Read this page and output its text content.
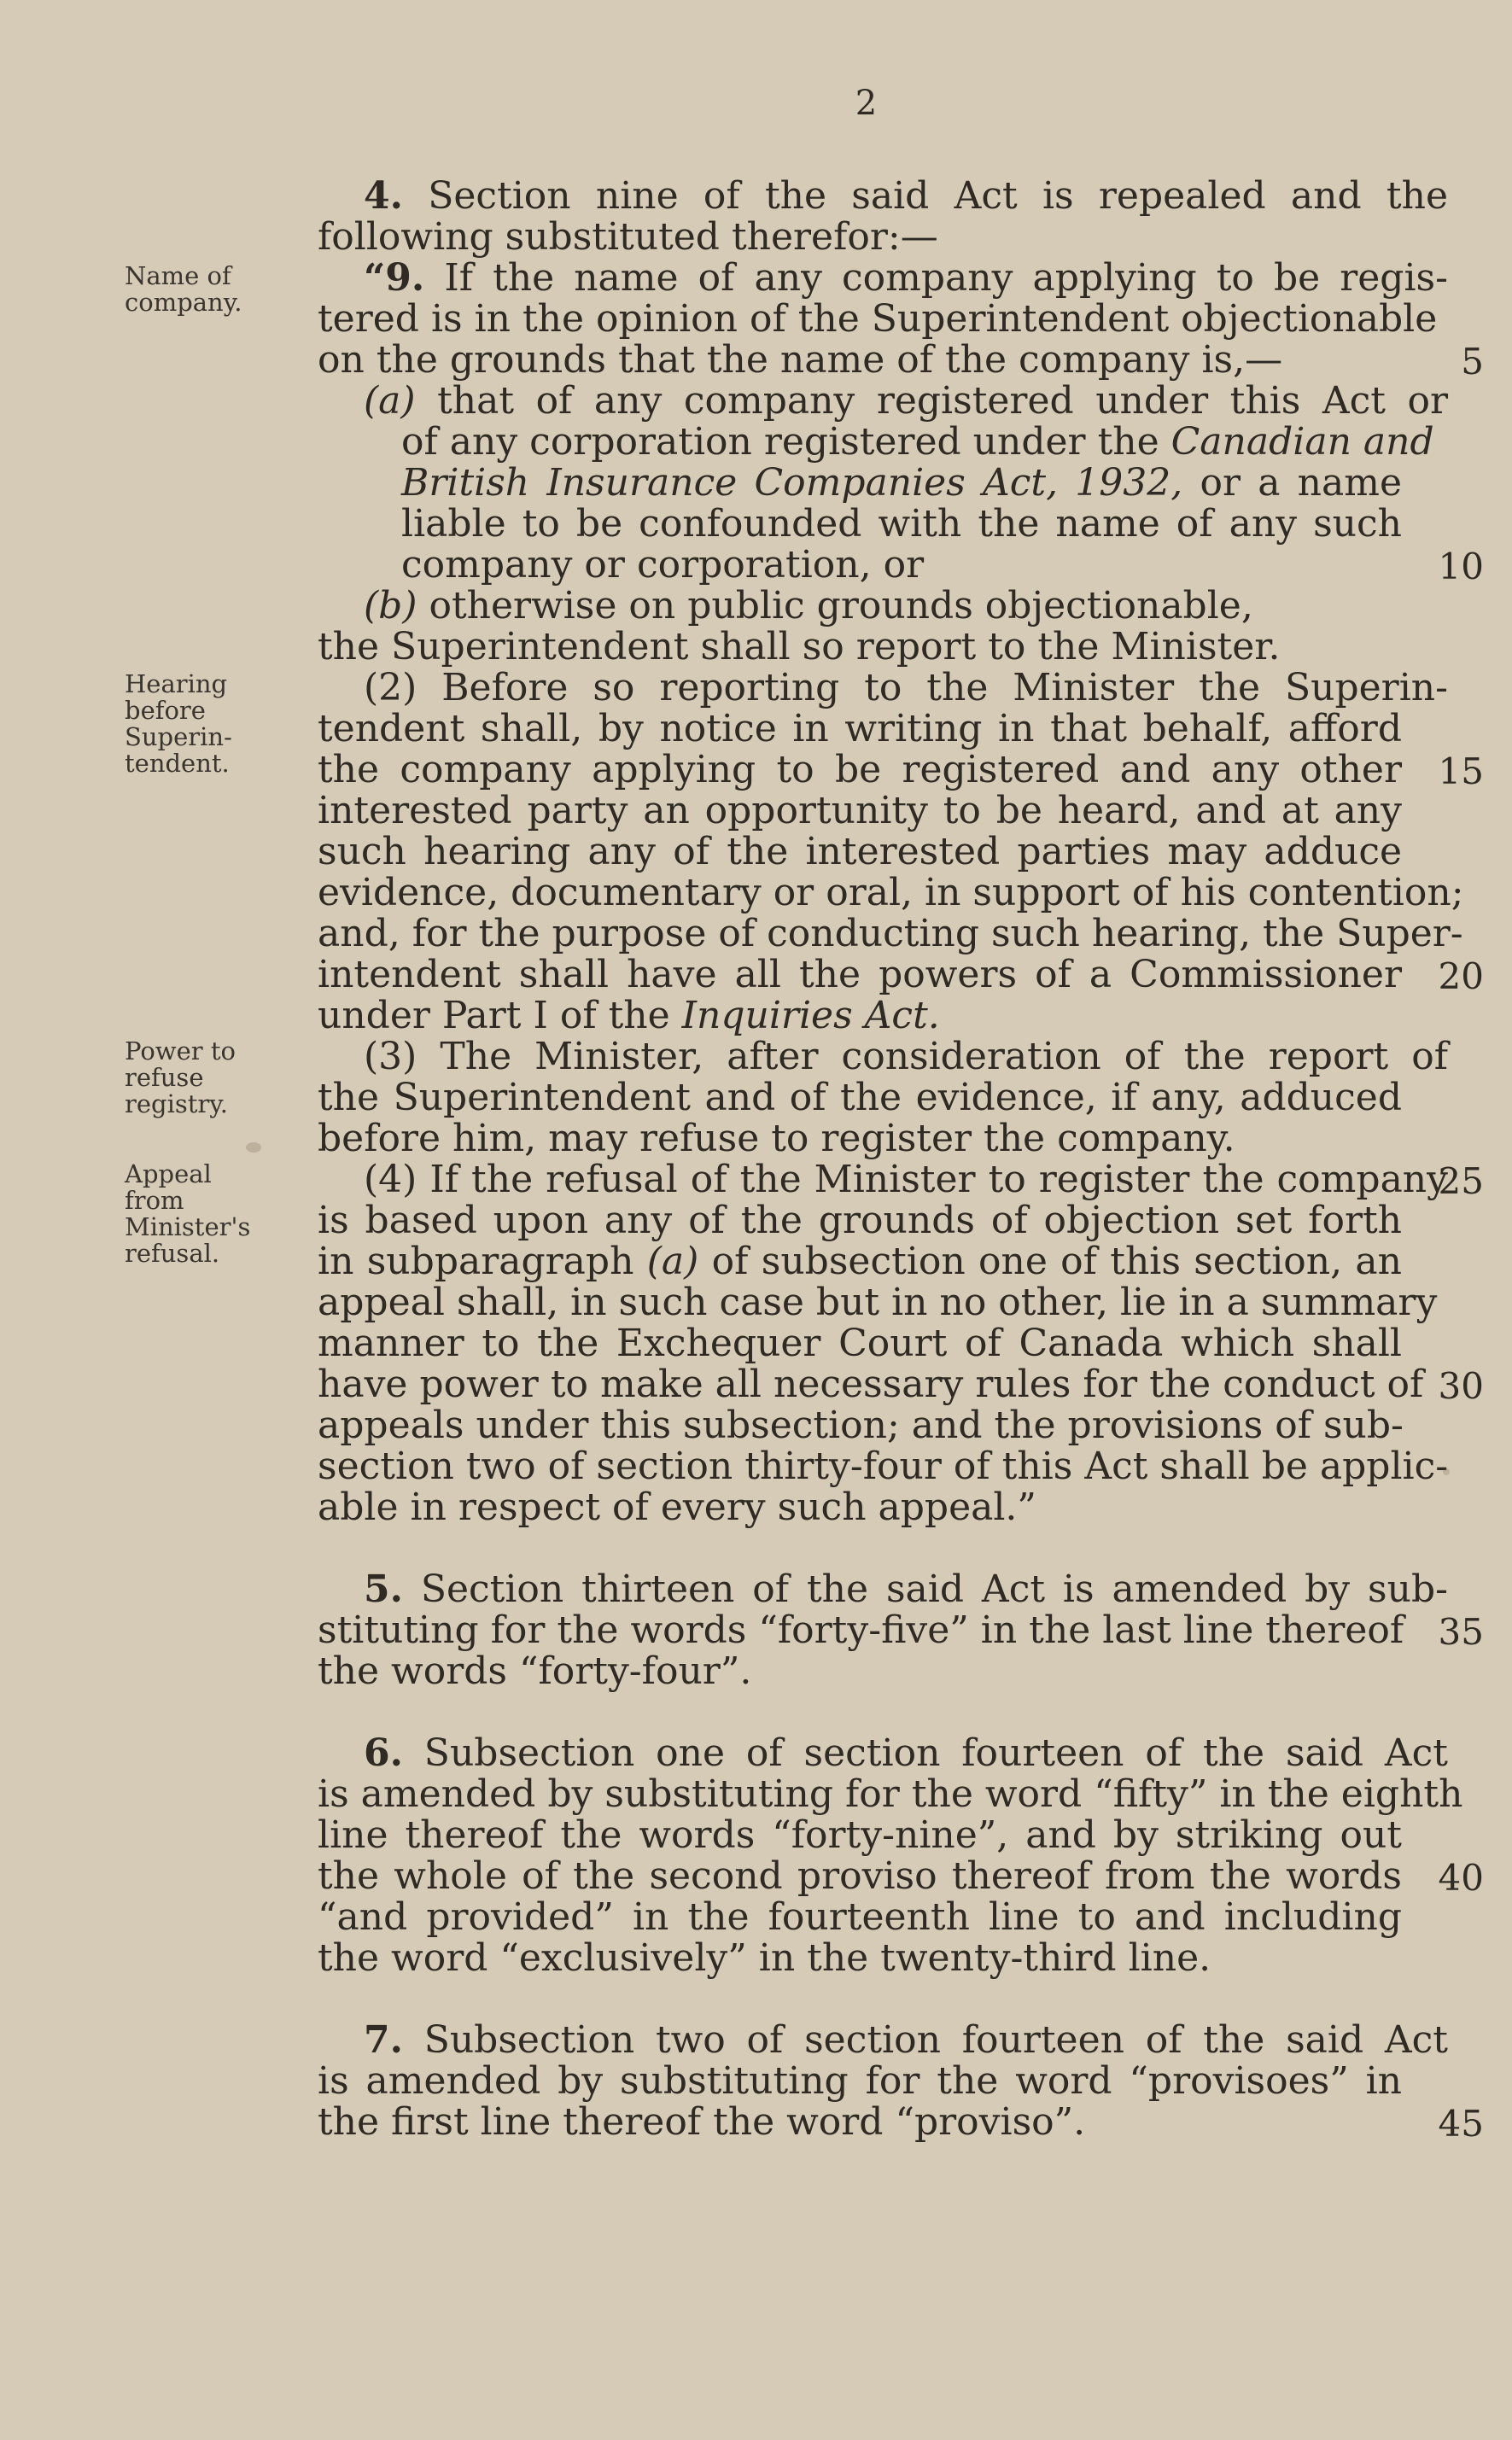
2
Name of
company.
Hearing
before
Superin-
tendent.
Power to
refuse
registry.
Appeal
from
Minister's
refusal.
4. Section nine of the said Act is repealed and the
following substituted therefor:—
“9. If the name of any company applying to be regis-
tered is in the opinion of the Superintendent objectionable
on the grounds that the name of the company is,—
(a) that of any company registered under this Act or
of any corporation registered under the Canadian and
British Insurance Companies Act, 1932, or a name
liable to be confounded with the name of any such
company or corporation, or
(b) otherwise on public grounds objectionable,
the Superintendent shall so report to the Minister.
(2) Before so reporting to the Minister the Superin-
tendent shall, by notice in writing in that behalf, afford
the company applying to be registered and any other
interested party an opportunity to be heard, and at any
such hearing any of the interested parties may adduce
evidence, documentary or oral, in support of his contention;
and, for the purpose of conducting such hearing, the Super-
intendent shall have all the powers of a Commissioner
under Part I of the Inquiries Act.
(3) The Minister, after consideration of the report of
the Superintendent and of the evidence, if any, adduced
before him, may refuse to register the company.
(4) If the refusal of the Minister to register the company
is based upon any of the grounds of objection set forth
in subparagraph (a) of subsection one of this section, an
appeal shall, in such case but in no other, lie in a summary
manner to the Exchequer Court of Canada which shall
have power to make all necessary rules for the conduct of
appeals under this subsection; and the provisions of sub-
section two of section thirty-four of this Act shall be applic-
able in respect of every such appeal.”
5. Section thirteen of the said Act is amended by sub-
stituting for the words “forty-five” in the last line thereof
the words “forty-four”.
6. Subsection one of section fourteen of the said Act
is amended by substituting for the word “fifty” in the eighth
line thereof the words “forty-nine”, and by striking out
the whole of the second proviso thereof from the words
“and provided” in the fourteenth line to and including
the word “exclusively” in the twenty-third line.
7. Subsection two of section fourteen of the said Act
is amended by substituting for the word “provisoes” in
the first line thereof the word “proviso”.
5
10
15
20
25
30
35
40
45
